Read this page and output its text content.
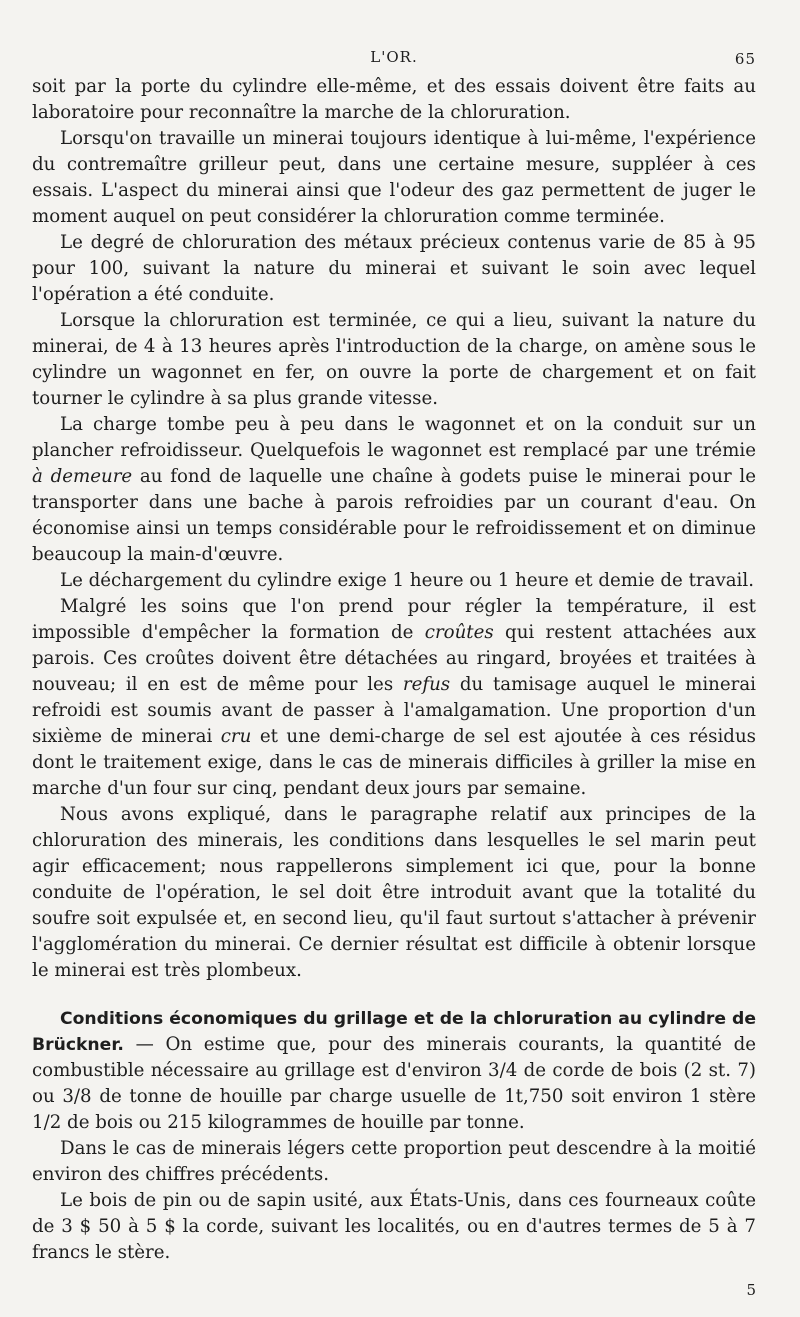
L'OR.	65

soit par la porte du cylindre elle-même, et des essais doivent être faits au laboratoire pour reconnaître la marche de la chloruration.

Lorsqu'on travaille un minerai toujours identique à lui-même, l'expérience du contremaître grilleur peut, dans une certaine mesure, suppléer à ces essais. L'aspect du minerai ainsi que l'odeur des gaz permettent de juger le moment auquel on peut considérer la chloruration comme terminée.

Le degré de chloruration des métaux précieux contenus varie de 85 à 95 pour 100, suivant la nature du minerai et suivant le soin avec lequel l'opération a été conduite.

Lorsque la chloruration est terminée, ce qui a lieu, suivant la nature du minerai, de 4 à 13 heures après l'introduction de la charge, on amène sous le cylindre un wagonnet en fer, on ouvre la porte de chargement et on fait tourner le cylindre à sa plus grande vitesse.

La charge tombe peu à peu dans le wagonnet et on la conduit sur un plancher refroidisseur. Quelquefois le wagonnet est remplacé par une trémie à demeure au fond de laquelle une chaîne à godets puise le minerai pour le transporter dans une bache à parois refroidies par un courant d'eau. On économise ainsi un temps considérable pour le refroidissement et on diminue beaucoup la main-d'œuvre.

Le déchargement du cylindre exige 1 heure ou 1 heure et demie de travail.

Malgré les soins que l'on prend pour régler la température, il est impossible d'empêcher la formation de croûtes qui restent attachées aux parois. Ces croûtes doivent être détachées au ringard, broyées et traitées à nouveau; il en est de même pour les refus du tamisage auquel le minerai refroidi est soumis avant de passer à l'amalgamation. Une proportion d'un sixième de minerai cru et une demi-charge de sel est ajoutée à ces résidus dont le traitement exige, dans le cas de minerais difficiles à griller la mise en marche d'un four sur cinq, pendant deux jours par semaine.

Nous avons expliqué, dans le paragraphe relatif aux principes de la chloruration des minerais, les conditions dans lesquelles le sel marin peut agir efficacement; nous rappellerons simplement ici que, pour la bonne conduite de l'opération, le sel doit être introduit avant que la totalité du soufre soit expulsée et, en second lieu, qu'il faut surtout s'attacher à prévenir l'agglomération du minerai. Ce dernier résultat est difficile à obtenir lorsque le minerai est très plombeux.

Conditions économiques du grillage et de la chloruration au cylindre de Brückner. — On estime que, pour des minerais courants, la quantité de combustible nécessaire au grillage est d'environ 3/4 de corde de bois (2 st. 7) ou 3/8 de tonne de houille par charge usuelle de 1t,750 soit environ 1 stère 1/2 de bois ou 215 kilogrammes de houille par tonne.

Dans le cas de minerais légers cette proportion peut descendre à la moitié environ des chiffres précédents.

Le bois de pin ou de sapin usité, aux États-Unis, dans ces fourneaux coûte de 3 $ 50 à 5 $ la corde, suivant les localités, ou en d'autres termes de 5 à 7 francs le stère.

5
